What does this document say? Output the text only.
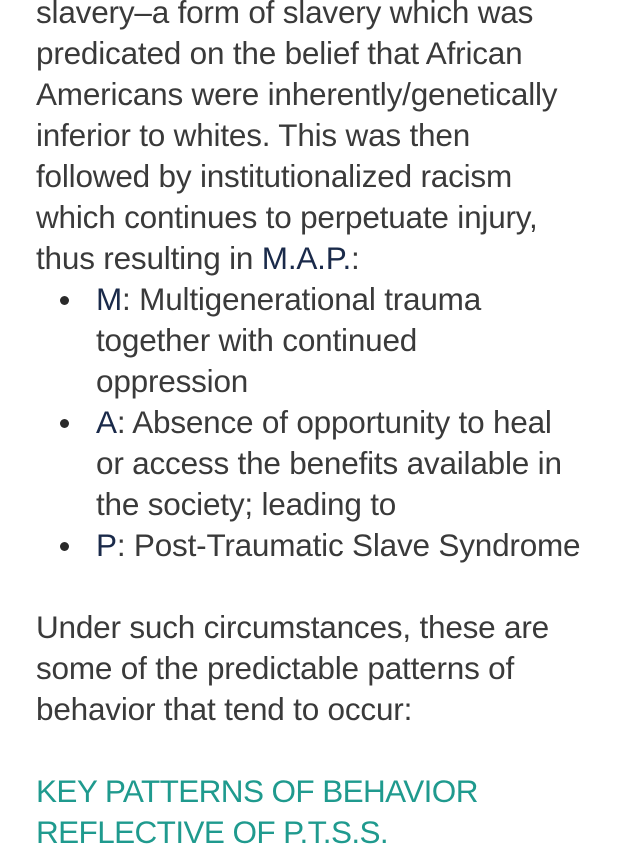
slavery–a form of slavery which was
predicated on the belief that African
Americans were inherently/genetically
inferior to whites. This was then
followed by institutionalized racism
which continues to perpetuate injury,
thus resulting in M.A.P.:

M: Multigenerational trauma
together with continued
oppression
A: Absence of opportunity to heal
or access the benefits available in
the society; leading to
P: Post-Traumatic Slave Syndrome

Under such circumstances, these are
some of the predictable patterns of
behavior that tend to occur:

KEY PATTERNS OF BEHAVIOR
REFLECTIVE OF P.T.S.S.
